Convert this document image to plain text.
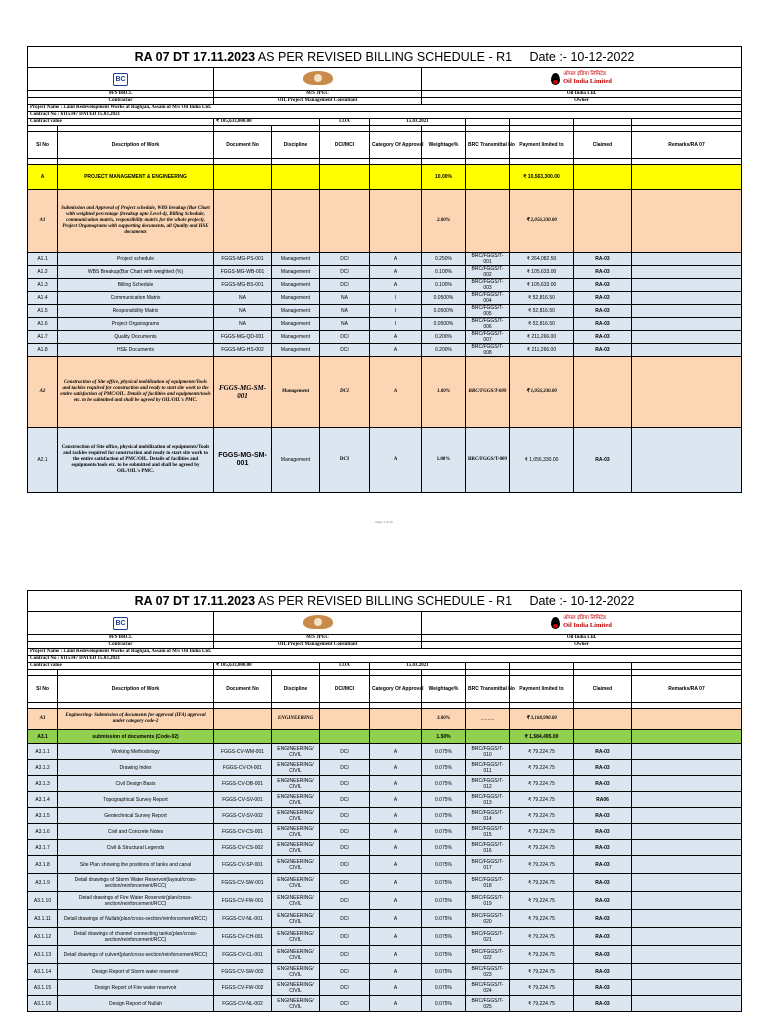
RA 07 DT 17.11.2023 AS PER REVISED BILLING SCHEDULE - R1 Date :- 10-12-2022										
BC						ऑयल इंडिया लिमिटेड
Oil India Limited				

M/S BRCL		M/S JPEC				Oil India Ltd.				
Contractor		OIL Project Management Consultant				Owner				
Project Name : Land Redevelopment Works at Baghjan, Assam of M/s Oil India Ltd.										
Contract No : 6115347 DATED 15.03.2021										
Contract value		₹ 105,633,000.00		LOA	15.03.2021					

Sl No	Description of Work	Document No	Discipline	DCI/MCI	Category Of Approval	Weightage%	BRC Transmittal No	Payment limited to	Claimed	Remarks/RA 07

A	PROJECT MANAGEMENT & ENGINEERING					10.00%		₹ 10,563,300.00		
A1	Submission and Approval of Project schedule, WBS breakup (Bar Chart with weighted percentage (breakup upto Level-4), Billing Schedule, communication matrix, responsibility matrix for the whole project), Project Organograms with supporting documents, all Quality and HSE documents					2.00%		₹ 2,056,330.00		
A1.1	Project schedule	FGGS-MG-PS-001	Management	DCI	A	0.250%	BRC/FGGS/T-001	₹ 264,082.50	RA-03	
A1.2	WBS Breakup(Bar Chart with weighted (%)	FGGS-MG-WB-001	Management	DCI	A	0.100%	BRC/FGGS/T-002	₹ 105,633.00	RA-03	
A1.3	Billing Schedule	FGGS-MG-BS-001	Management	DCI	A	0.100%	BRC/FGGS/T-003	₹ 105,633.00	RA-03	
A1.4	Communication Matrix	NA	Management	NA	I	0.0500%	BRC/FGGS/T-004	₹ 52,816.50	RA-03	
A1.5	Responsibility Matrix	NA	Management	NA	I	0.0500%	BRC/FGGS/T-005	₹ 52,816.50	RA-03	
A1.6	Project Organograms	NA	Management	NA	I	0.0500%	BRC/FGGS/T-006	₹ 52,816.50	RA-03	
A1.7	Quality Documents	FGGS-MG-QD-001	Management	DCI	A	0.200%	BRC/FGGS/T-007	₹ 211,266.00	RA-03	
A1.8	HSE Documents	FGGS-MG-HS-002	Management	DCI	A	0.200%	BRC/FGGS/T-008	₹ 211,266.00	RA-03	
A2	Construction of Site office, physical mobilization of equipments/Tools and tackles required for construction and ready to start site work to the entire satisfaction of PMC/OIL. Details of facilities and equipments/tools etc. to be submitted and shall be agreed by OIL/OIL's PMC.	FGGS-MG-SM-001	Management	DCI	A	1.00%	BRC/FGGS/T-009	₹ 1,056,330.00		
A2.1	Construction of Site office, physical mobilization of equipments/Tools and tackles required for construction and ready to start site work to the entire satisfaction of PMC/OIL. Details of facilities and equipments/tools etc. to be submitted and shall be agreed by OIL/OIL's PMC.	FGGS-MG-SM-001	Management	DCI	A	1.00%	BRC/FGGS/T-009	₹ 1,056,330.00	RA-03	
Page 1 of 19
RA 07 DT 17.11.2023 AS PER REVISED BILLING SCHEDULE - R1 Date :- 10-12-2022										
BC						ऑयल इंडिया लिमिटेड
Oil India Limited				

M/S BRCL		M/S JPEC				Oil India Ltd.				
Contractor		OIL Project Management Consultant				Owner				
Project Name : Land Redevelopment Works at Baghjan, Assam of M/s Oil India Ltd.										
Contract No : 6115347 DATED 15.03.2021										
Contract value		₹ 105,633,000.00		LOA	15.03.2021					

Sl No	Description of Work	Document No	Discipline	DCI/MCI	Category Of Approval	Weightage%	BRC Transmittal No	Payment limited to	Claimed	Remarks/RA 07

A3	Engineering- Submission of documents for approval (IFA) approval under category code-2		ENGINEERING			3.00%	..........	₹ 3,168,990.00		
A3.1	submission of documents (Code-02)					1.50%		₹ 1,584,495.00		
A3.1.1	Working Methodology	FGGS-CV-WM-001	ENGINEERING/ CIVIL	DCI	A	0.075%	BRC/FGGS/T-010	₹ 79,224.75	RA-03	
A3.1.2	Drawing Index	FGGS-CV-DI-001	ENGINEERING/ CIVIL	DCI	A	0.075%	BRC/FGGS/T-011	₹ 79,224.75	RA-03	
A3.1.3	Civil Design Basis	FGGS-CV-DB-001	ENGINEERING/ CIVIL	DCI	A	0.075%	BRC/FGGS/T-012	₹ 79,224.75	RA-03	
A3.1.4	Topographical Survey Report	FGGS-CV-SV-001	ENGINEERING/ CIVIL	DCI	A	0.075%	BRC/FGGS/T-013	₹ 79,224.75	RA06	
A3.1.5	Geotechnical Survey Report	FGGS-CV-SV-002	ENGINEERING/ CIVIL	DCI	A	0.075%	BRC/FGGS/T-014	₹ 79,224.75	RA-03	
A3.1.6	Civil and Concrete Notes	FGGS-CV-CS-001	ENGINEERING/ CIVIL	DCI	A	0.075%	BRC/FGGS/T-015	₹ 79,224.75	RA-03	
A3.1.7	Civil & Structural Legends	FGGS-CV-CS-002	ENGINEERING/ CIVIL	DCI	A	0.075%	BRC/FGGS/T-016	₹ 79,224.75	RA-03	
A3.1.8	Site Plan showing the positions of tanks and canal	FGGS-CV-SP-001	ENGINEERING/ CIVIL	DCI	A	0.075%	BRC/FGGS/T-017	₹ 79,224.75	RA-03	
A3.1.9	Detail drawings of Storm Water Reservoir(layout/cross-section/reinforcement/RCC)	FGGS-CV-SW-001	ENGINEERING/ CIVIL	DCI	A	0.075%	BRC/FGGS/T-018	₹ 79,224.75	RA-03	
A3.1.10	Detail drawings of Fire Water Reservoir(plan/cross-section/reinforcement/RCC)	FGGS-CV-FW-001	ENGINEERING/ CIVIL	DCI	A	0.075%	BRC/FGGS/T-019	₹ 79,224.75	RA-03	
A3.1.11	Detail drawings of Nullah(plan/cross-section/reinforcement/RCC)	FGGS-CV-NL-001	ENGINEERING/ CIVIL	DCI	A	0.075%	BRC/FGGS/T-020	₹ 79,224.75	RA-03	
A3.1.12	Detail drawings of channel connecting tanks(plan/cross-section/reinforcement/RCC)	FGGS-CV-CH-001	ENGINEERING/ CIVIL	DCI	A	0.075%	BRC/FGGS/T-021	₹ 79,224.75	RA-03	
A3.1.13	Detail drawings of culvert(plan/cross-section/reinforcement/RCC)	FGGS-CV-CL-001	ENGINEERING/ CIVIL	DCI	A	0.075%	BRC/FGGS/T-022	₹ 79,224.75	RA-03	
A3.1.14	Design Report of Storm water reservoir	FGGS-CV-SW-002	ENGINEERING/ CIVIL	DCI	A	0.075%	BRC/FGGS/T-023	₹ 79,224.75	RA-03	
A3.1.15	Design Report of Fire water reservoir	FGGS-CV-FW-002	ENGINEERING/ CIVIL	DCI	A	0.075%	BRC/FGGS/T-024	₹ 79,224.75	RA-03	
A3.1.16	Design Report of Nullah	FGGS-CV-NL-002	ENGINEERING/ CIVIL	DCI	A	0.075%	BRC/FGGS/T-025	₹ 79,224.75	RA-03	
